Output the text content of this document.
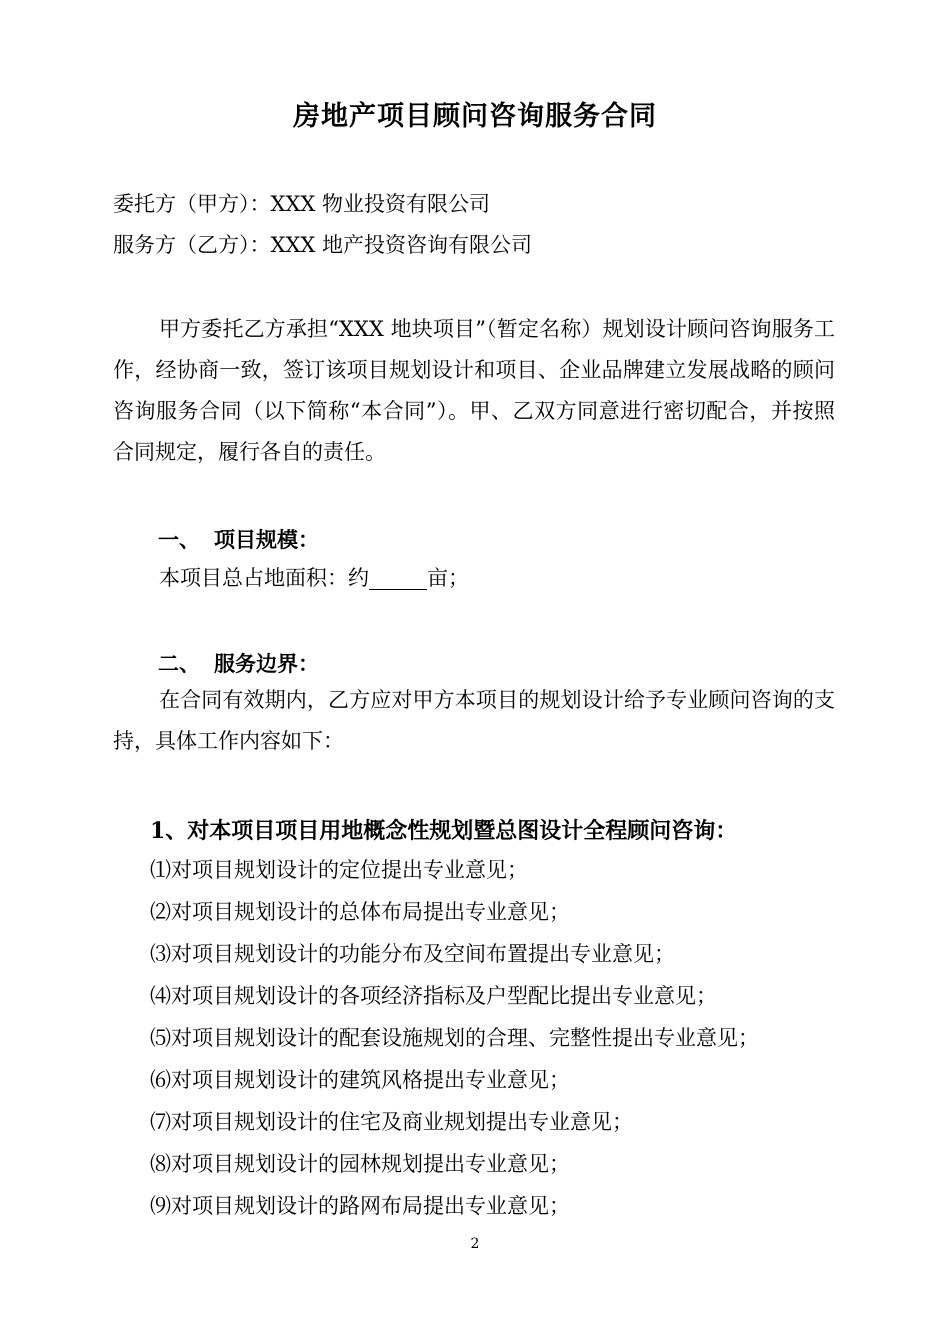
房地产项目顾问咨询服务合同
委托方（甲方）：XXX 物业投资有限公司
服务方（乙方）：XXX 地产投资咨询有限公司
甲方委托乙方承担“XXX 地块项目”（暂定名称）规划设计顾问咨询服务工作，经协商一致，签订该项目规划设计和项目、企业品牌建立发展战略的顾问咨询服务合同（以下简称“本合同”）。甲、乙双方同意进行密切配合，并按照合同规定，履行各自的责任。
一、 项目规模：
本项目总占地面积：约	亩；
二、 服务边界：
在合同有效期内，乙方应对甲方本项目的规划设计给予专业顾问咨询的支持，具体工作内容如下：
1、对本项目项目用地概念性规划暨总图设计全程顾问咨询：
⑴对项目规划设计的定位提出专业意见；
⑵对项目规划设计的总体布局提出专业意见；
⑶对项目规划设计的功能分布及空间布置提出专业意见；
⑷对项目规划设计的各项经济指标及户型配比提出专业意见；
⑸对项目规划设计的配套设施规划的合理、完整性提出专业意见；
⑹对项目规划设计的建筑风格提出专业意见；
⑺对项目规划设计的住宅及商业规划提出专业意见；
⑻对项目规划设计的园林规划提出专业意见；
⑼对项目规划设计的路网布局提出专业意见；
2
